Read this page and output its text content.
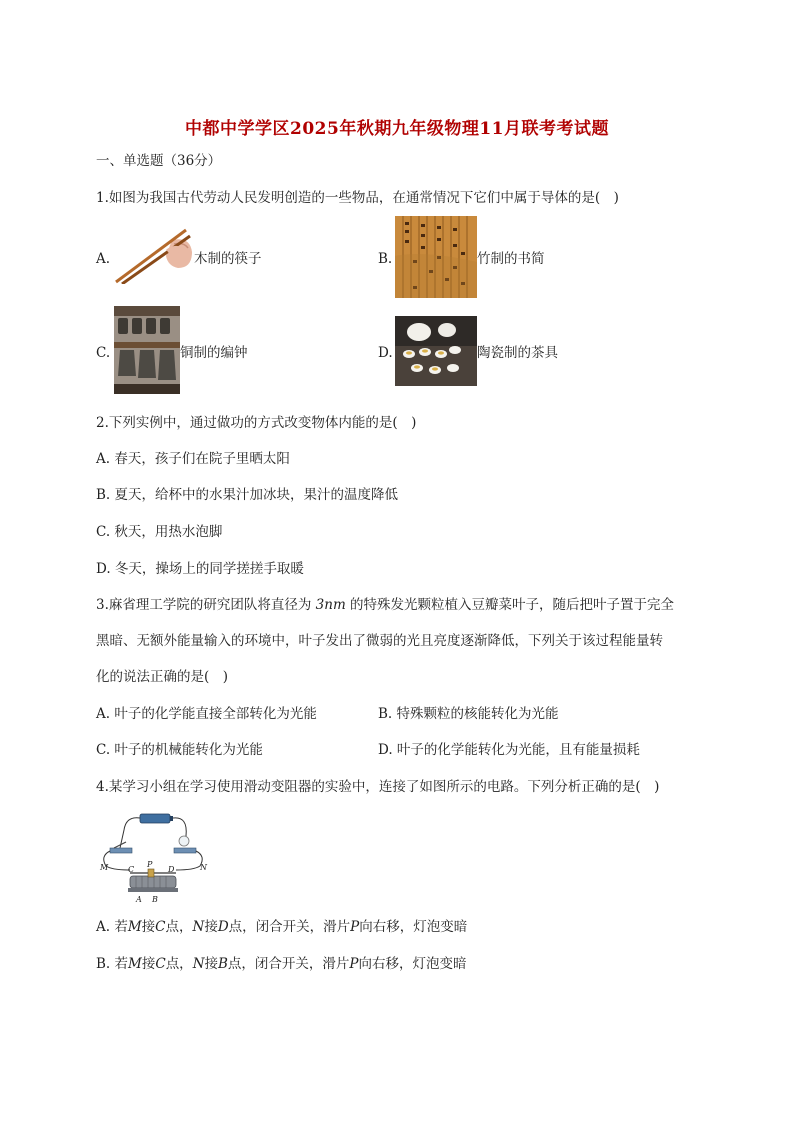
中都中学学区2025年秋期九年级物理11月联考考试题
一、单选题（36分）
1.如图为我国古代劳动人民发明创造的一些物品，在通常情况下它们中属于导体的是(　)
A.	木制的筷子	B.	竹制的书简
C.	铜制的编钟	D.	陶瓷制的茶具
2.下列实例中，通过做功的方式改变物体内能的是(　)
A. 春天，孩子们在院子里晒太阳
B. 夏天，给杯中的水果汁加冰块，果汁的温度降低
C. 秋天，用热水泡脚
D. 冬天，操场上的同学搓搓手取暖
3.麻省理工学院的研究团队将直径为 3nm 的特殊发光颗粒植入豆瓣菜叶子，随后把叶子置于完全
黑暗、无额外能量输入的环境中，叶子发出了微弱的光且亮度逐渐降低，下列关于该过程能量转
化的说法正确的是(　)
A. 叶子的化学能直接全部转化为光能	B. 特殊颗粒的核能转化为光能
C. 叶子的机械能转化为光能	D. 叶子的化学能转化为光能，且有能量损耗
4.某学习小组在学习使用滑动变阻器的实验中，连接了如图所示的电路。下列分析正确的是(　)
M	N
C
P
D
A B
A. 若M接C点，N接D点，闭合开关，滑片P向右移，灯泡变暗
B. 若M接C点，N接B点，闭合开关，滑片P向右移，灯泡变暗
